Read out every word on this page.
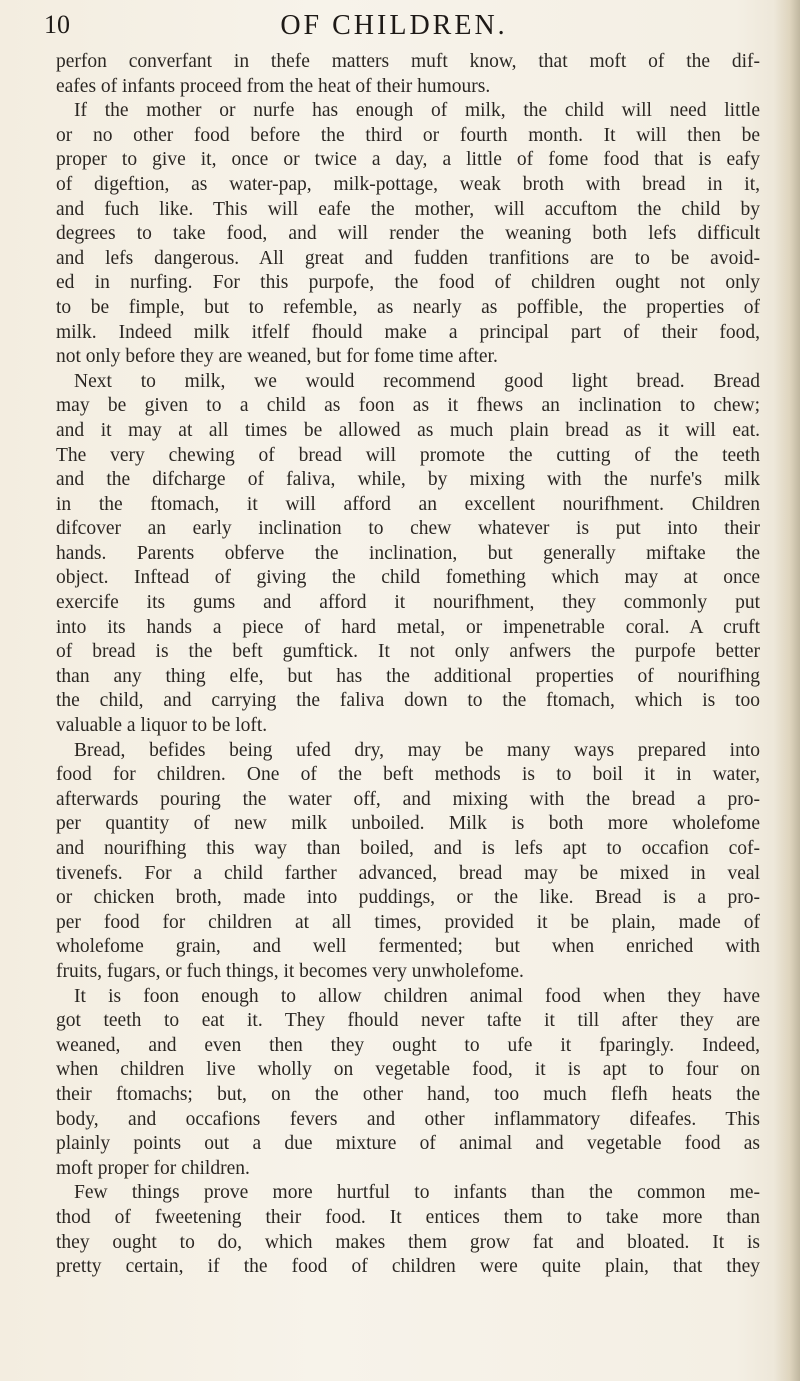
10	OF CHILDREN.
perfon converfant in thefe matters muft know, that moft of the dif-
eafes of infants proceed from the heat of their humours.
If the mother or nurfe has enough of milk, the child will need little
or no other food before the third or fourth month. It will then be
proper to give it, once or twice a day, a little of fome food that is eafy
of digeftion, as water-pap, milk-pottage, weak broth with bread in it,
and fuch like. This will eafe the mother, will accuftom the child by
degrees to take food, and will render the weaning both lefs difficult
and lefs dangerous. All great and fudden tranfitions are to be avoid-
ed in nurfing. For this purpofe, the food of children ought not only
to be fimple, but to refemble, as nearly as poffible, the properties of
milk. Indeed milk itfelf fhould make a principal part of their food,
not only before they are weaned, but for fome time after.
Next to milk, we would recommend good light bread. Bread
may be given to a child as foon as it fhews an inclination to chew;
and it may at all times be allowed as much plain bread as it will eat.
The very chewing of bread will promote the cutting of the teeth
and the difcharge of faliva, while, by mixing with the nurfe's milk
in the ftomach, it will afford an excellent nourifhment. Children
difcover an early inclination to chew whatever is put into their
hands. Parents obferve the inclination, but generally miftake the
object. Inftead of giving the child fomething which may at once
exercife its gums and afford it nourifhment, they commonly put
into its hands a piece of hard metal, or impenetrable coral. A cruft
of bread is the beft gumftick. It not only anfwers the purpofe better
than any thing elfe, but has the additional properties of nourifhing
the child, and carrying the faliva down to the ftomach, which is too
valuable a liquor to be loft.
Bread, befides being ufed dry, may be many ways prepared into
food for children. One of the beft methods is to boil it in water,
afterwards pouring the water off, and mixing with the bread a pro-
per quantity of new milk unboiled. Milk is both more wholefome
and nourifhing this way than boiled, and is lefs apt to occafion cof-
tivenefs. For a child farther advanced, bread may be mixed in veal
or chicken broth, made into puddings, or the like. Bread is a pro-
per food for children at all times, provided it be plain, made of
wholefome grain, and well fermented; but when enriched with
fruits, fugars, or fuch things, it becomes very unwholefome.
It is foon enough to allow children animal food when they have
got teeth to eat it. They fhould never tafte it till after they are
weaned, and even then they ought to ufe it fparingly. Indeed,
when children live wholly on vegetable food, it is apt to four on
their ftomachs; but, on the other hand, too much flefh heats the
body, and occafions fevers and other inflammatory difeafes. This
plainly points out a due mixture of animal and vegetable food as
moft proper for children.
Few things prove more hurtful to infants than the common me-
thod of fweetening their food. It entices them to take more than
they ought to do, which makes them grow fat and bloated. It is
pretty certain, if the food of children were quite plain, that they
